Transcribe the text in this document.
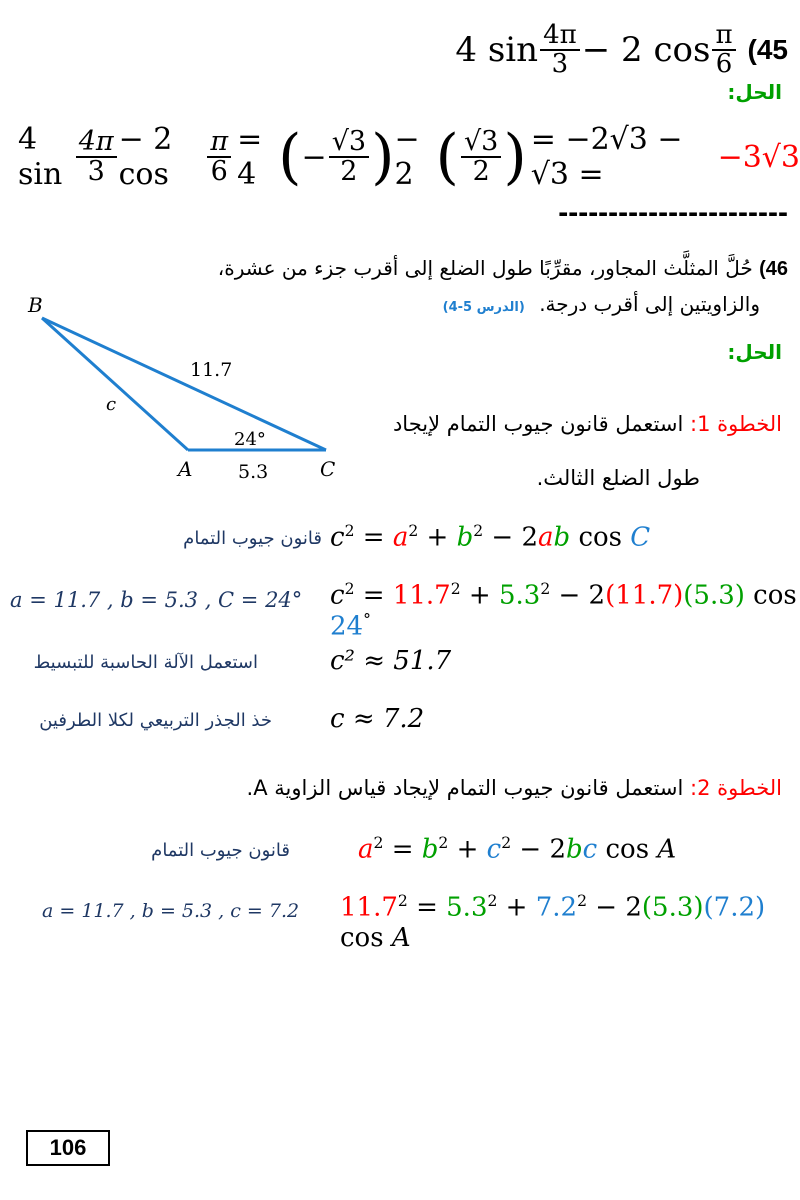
4 $\sin \frac{4\pi}{3} - 2$ $\cos \frac{\pi}{6} (45$
الحل:
4 $\sin \frac{4\pi}{3} - 2$ cos	$\frac{\pi}{6} = 4$ ( − $\frac{√3}{2}$ ) − 2 ( $\frac{√3}{2}$ ) = −2√3 − √3 =	−3√3
-----------------------
46) حُلَّ المثلَّث المجاور، مقرِّبًا طول الضلع إلى أقرب جزء من عشرة،
والزاويتين إلى أقرب درجة. (الدرس 5-4)
الحل:
B
A	C
c
11.7
24°
5.3
الخطوة 1: استعمل قانون جيوب التمام لإيجاد
طول الضلع الثالث.
قانون جيوب التمام $c^2 = a^2 + b^2 - 2ab$ cos C
a = 11.7 , b = 5.3 , C = 24° $c^2 = 11.7^2 + 5.3^2 - 2(11.7)(5.3)$ cos 24°
استعمل الآلة الحاسبة للتبسيط	c² ≈ 51.7
خذ الجذر التربيعي لكلا الطرفين c ≈ 7.2
الخطوة 2: استعمل قانون جيوب التمام لإيجاد قياس الزاوية A.
قانون جيوب التمام	$a^2 = b^2 + c^2 - 2bc$ cos A
a = 11.7 , b = 5.3 , c = 7.2 $11.7^2 = 5.3^2 + 7.2^2 - 2(5.3)(7.2)$ cos A
106
